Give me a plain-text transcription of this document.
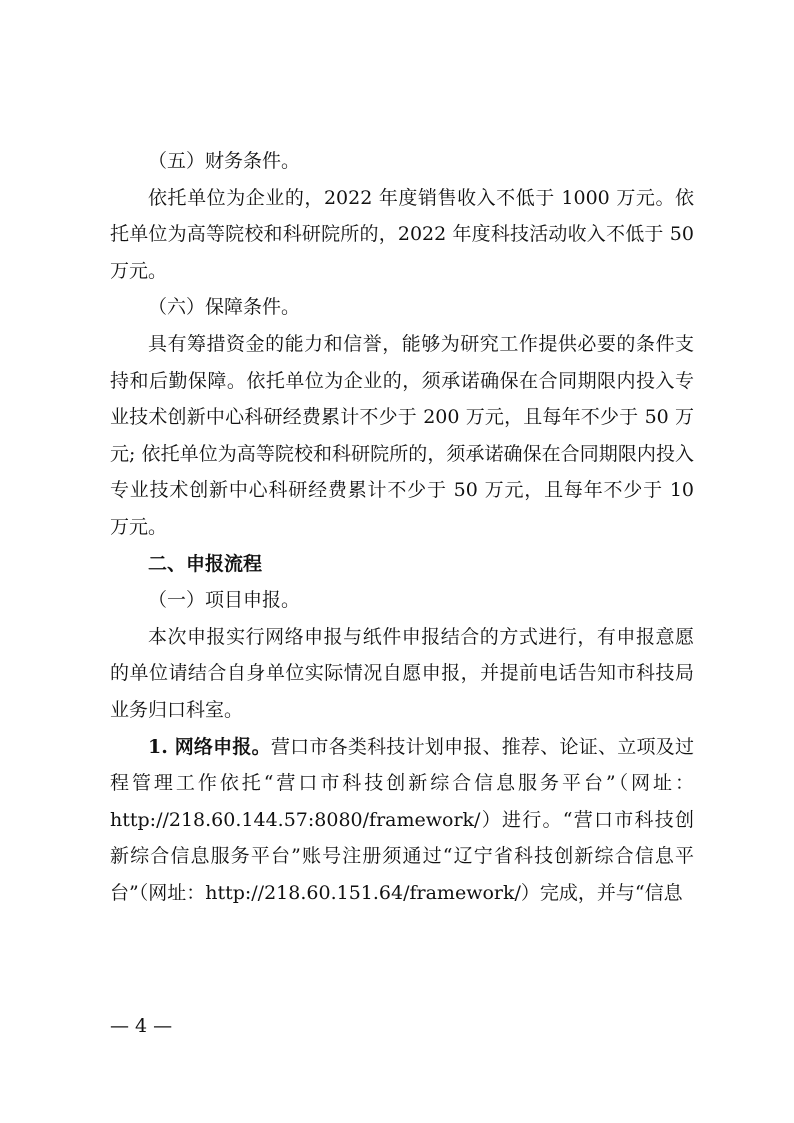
（五）财务条件。

依托单位为企业的，2022 年度销售收入不低于 1000 万元。依托单位为高等院校和科研院所的，2022 年度科技活动收入不低于 50 万元。

（六）保障条件。

具有筹措资金的能力和信誉，能够为研究工作提供必要的条件支持和后勤保障。依托单位为企业的，须承诺确保在合同期限内投入专业技术创新中心科研经费累计不少于 200 万元，且每年不少于 50 万元; 依托单位为高等院校和科研院所的，须承诺确保在合同期限内投入专业技术创新中心科研经费累计不少于 50 万元，且每年不少于 10 万元。

二、申报流程

（一）项目申报。

本次申报实行网络申报与纸件申报结合的方式进行，有申报意愿的单位请结合自身单位实际情况自愿申报，并提前电话告知市科技局业务归口科室。

1. 网络申报。营口市各类科技计划申报、推荐、论证、立项及过程管理工作依托“营口市科技创新综合信息服务平台”（网址：http://218.60.144.57:8080/framework/）进行。“营口市科技创新综合信息服务平台”账号注册须通过“辽宁省科技创新综合信息平台”（网址：http://218.60.151.64/framework/）完成，并与“信息

— 4 —
